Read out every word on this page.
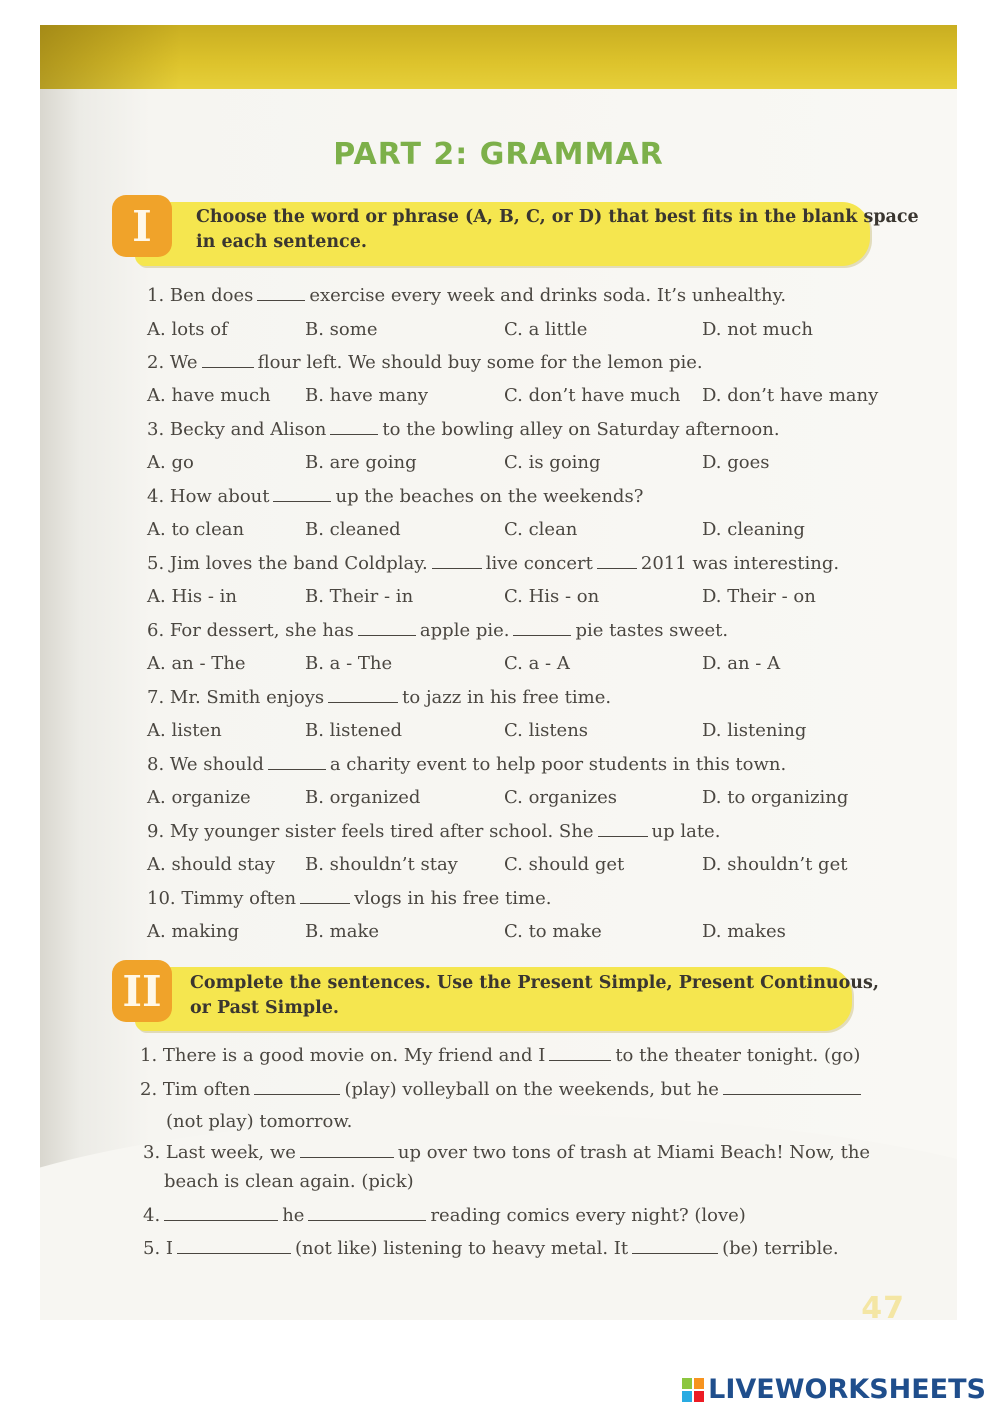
47
PART 2: GRAMMAR
I	Choose the word or phrase (A, B, C, or D) that best fits in the blank space
in each sentence.
1. Ben does	exercise every week and drinks soda. It’s unhealthy.
A. lots of	B. some	C. a little	D. not much
2. We	flour left. We should buy some for the lemon pie.
A. have much B. have many	C. don’t have much D. don’t have many
3. Becky and Alison	to the bowling alley on Saturday afternoon.
A. go	B. are going	C. is going	D. goes
4. How about	up the beaches on the weekends?
A. to clean	B. cleaned	C. clean	D. cleaning
5. Jim loves the band Coldplay.	live concert	2011 was interesting.
A. His - in	B. Their - in	C. His - on	D. Their - on
6. For dessert, she has	apple pie.	pie tastes sweet.
A. an - The	B. a - The	C. a - A	D. an - A
7. Mr. Smith enjoys	to jazz in his free time.
A. listen	B. listened	C. listens	D. listening
8. We should	a charity event to help poor students in this town.
A. organize	B. organized	C. organizes	D. to organizing
9. My younger sister feels tired after school. She	up late.
A. should stay B. shouldn’t stay	C. should get	D. shouldn’t get
10. Timmy often	vlogs in his free time.
A. making	B. make	C. to make	D. makes
II	Complete the sentences. Use the Present Simple, Present Continuous,
or Past Simple.
1. There is a good movie on. My friend and I	to the theater tonight. (go)
2. Tim often	(play) volleyball on the weekends, but he
(not play) tomorrow.
3. Last week, we	up over two tons of trash at Miami Beach! Now, the
beach is clean again. (pick)
4.	he	reading comics every night? (love)
5. I	(not like) listening to heavy metal. It	(be) terrible.
LIVEWORKSHEETS
